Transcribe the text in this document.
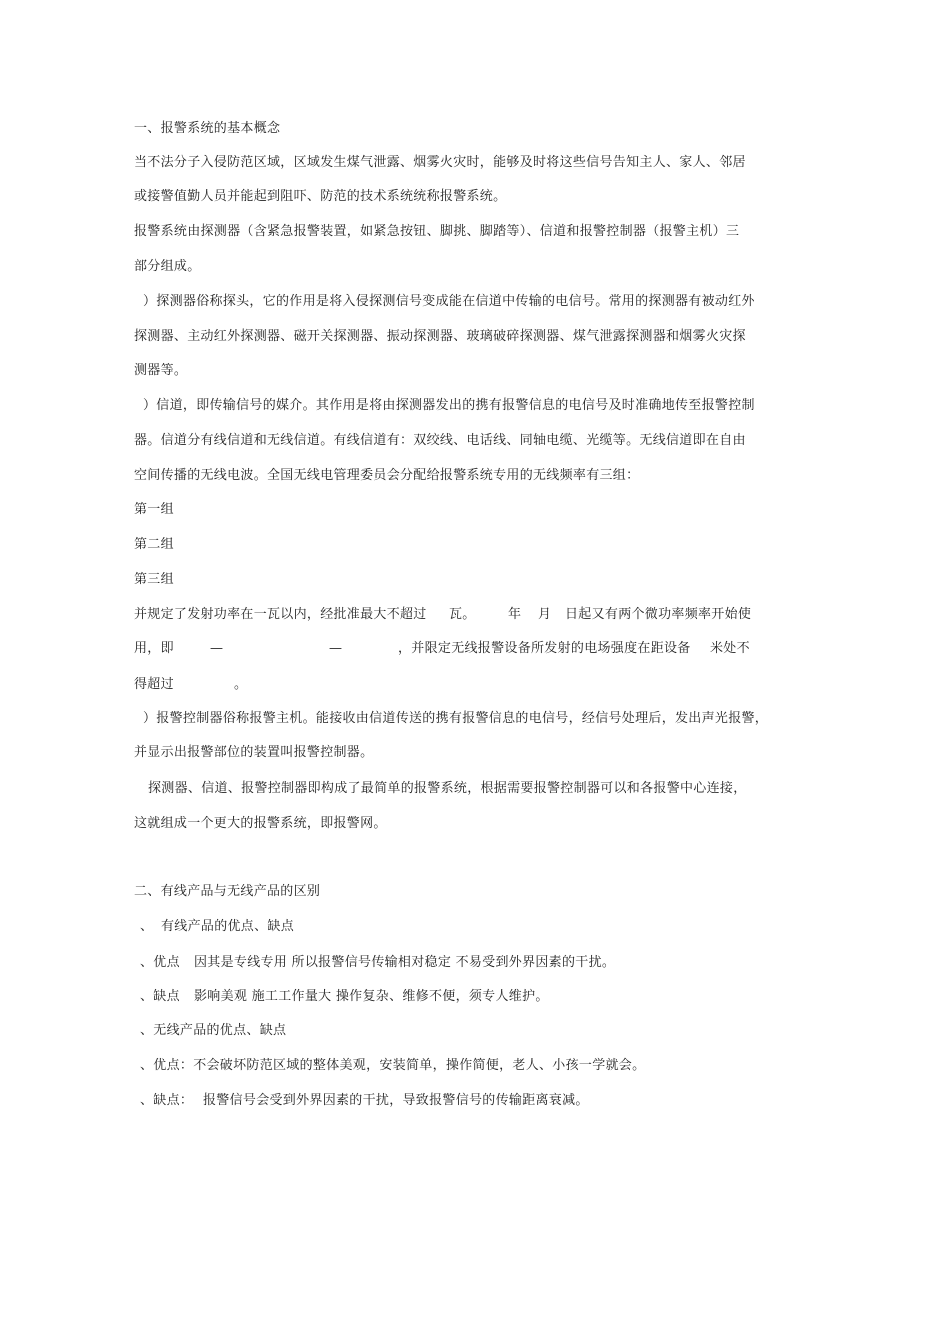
一、报警系统的基本概念
当不法分子入侵防范区域，区域发生煤气泄露、烟雾火灾时，能够及时将这些信号告知主人、家人、邻居
或接警值勤人员并能起到阻吓、防范的技术系统统称报警系统。
报警系统由探测器（含紧急报警装置，如紧急按钮、脚挑、脚踏等）、信道和报警控制器（报警主机）三
部分组成。
）探测器俗称探头，它的作用是将入侵探测信号变成能在信道中传输的电信号。常用的探测器有被动红外
探测器、主动红外探测器、磁开关探测器、振动探测器、玻璃破碎探测器、煤气泄露探测器和烟雾火灾探
测器等。
）信道，即传输信号的媒介。其作用是将由探测器发出的携有报警信息的电信号及时准确地传至报警控制
器。信道分有线信道和无线信道。有线信道有：双绞线、电话线、同轴电缆、光缆等。无线信道即在自由
空间传播的无线电波。全国无线电管理委员会分配给报警系统专用的无线频率有三组：
第一组
第二组
第三组
并规定了发射功率在一瓦以内，经批准最大不超过 瓦。 年 月 日起又有两个微功率频率开始使
用，即	—	—	，并限定无线报警设备所发射的电场强度在距设备 米处不
得超过	。
）报警控制器俗称报警主机。能接收由信道传送的携有报警信息的电信号，经信号处理后，发出声光报警，
并显示出报警部位的装置叫报警控制器。
探测器、信道、报警控制器即构成了最简单的报警系统，根据需要报警控制器可以和各报警中心连接，
这就组成一个更大的报警系统，即报警网。
二、有线产品与无线产品的区别
、 有线产品的优点、缺点
、优点 因其是专线专用 所以报警信号传输相对稳定 不易受到外界因素的干扰。
、缺点 影响美观 施工工作量大 操作复杂、维修不便，须专人维护。
、无线产品的优点、缺点
、优点：不会破坏防范区域的整体美观，安装简单，操作简便，老人、小孩一学就会。
、缺点： 报警信号会受到外界因素的干扰，导致报警信号的传输距离衰减。
